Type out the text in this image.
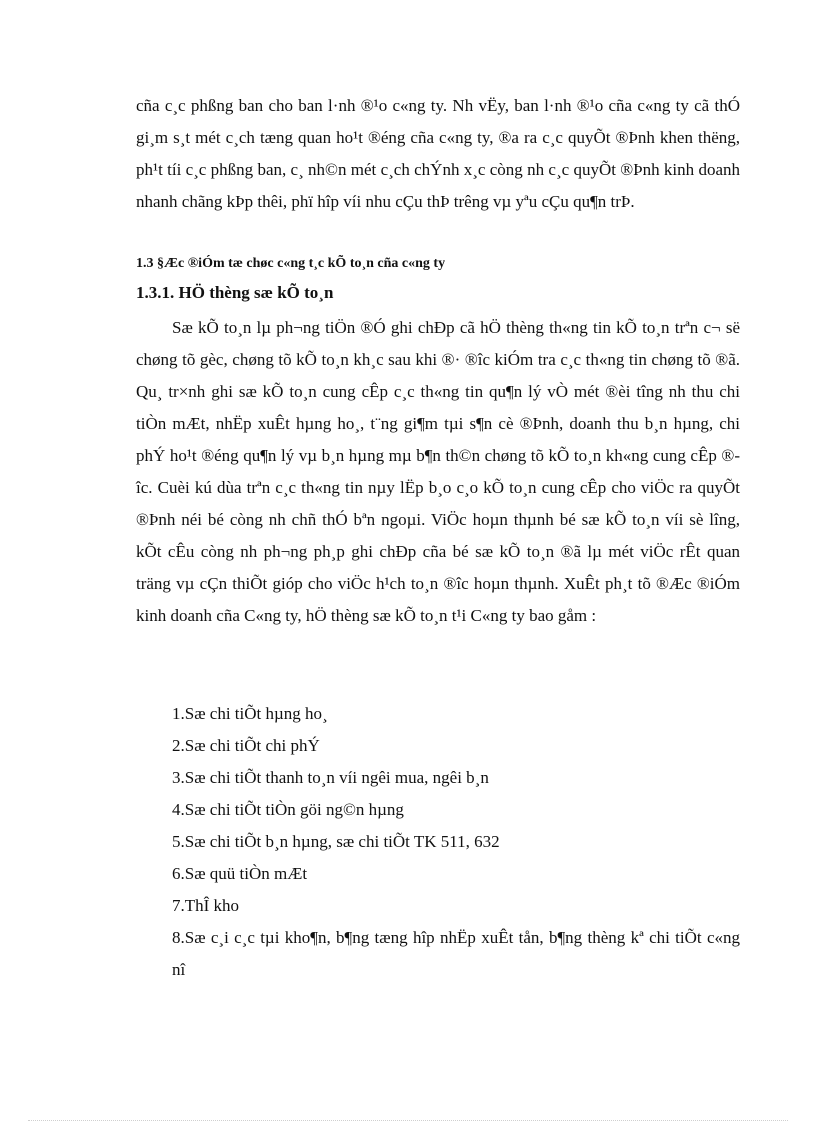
cña c¸c phßng ban cho ban l·nh ®¹o c«ng ty. Nh vËy, ban l·nh ®¹o cña c«ng ty cã thÓ gi¸m s¸t mét c¸ch tæng quan ho¹t ®éng cña c«ng ty, ®a ra c¸c quyÕt ®Þnh khen thëng, ph¹t tíi c¸c phßng ban, c¸ nh©n mét c¸ch chÝnh x¸c còng nh c¸c quyÕt ®Þnh kinh doanh nhanh chãng kÞp thêi, phï hîp víi nhu cÇu thÞ trêng vµ yªu cÇu qu¶n trÞ.

1.3 §Æc ®iÓm tæ chøc c«ng t¸c kÕ to¸n cña c«ng ty
1.3.1. HÖ thèng sæ kÕ to¸n

Sæ kÕ to¸n lµ ph¬ng tiÖn ®Ó ghi chÐp cã hÖ thèng th«ng tin kÕ to¸n trªn c¬ së chøng tõ gèc, chøng tõ kÕ to¸n kh¸c sau khi ®· ®îc kiÓm tra c¸c th«ng tin chøng tõ ®ã. Qu¸ tr×nh ghi sæ kÕ to¸n cung cÊp c¸c th«ng tin qu¶n lý vÒ mét ®èi tîng nh thu chi tiÒn mÆt, nhËp xuÊt hµng ho¸, t¨ng gi¶m tµi s¶n cè ®Þnh, doanh thu b¸n hµng, chi phÝ ho¹t ®éng qu¶n lý vµ b¸n hµng mµ b¶n th©n chøng tõ kÕ to¸n kh«ng cung cÊp ®îc. Cuèi kú dùa trªn c¸c th«ng tin nµy lËp b¸o c¸o kÕ to¸n cung cÊp cho viÖc ra quyÕt ®Þnh néi bé còng nh chñ thÓ bªn ngoµi. ViÖc hoµn thµnh bé sæ kÕ to¸n víi sè lîng, kÕt cÊu còng nh ph¬ng ph¸p ghi chÐp cña bé sæ kÕ to¸n ®ã lµ mét viÖc rÊt quan träng vµ cÇn thiÕt gióp cho viÖc h¹ch to¸n ®îc hoµn thµnh. XuÊt ph¸t tõ ®Æc ®iÓm kinh doanh cña C«ng ty, hÖ thèng sæ kÕ to¸n t¹i C«ng ty bao gåm :

1.Sæ chi tiÕt hµng ho¸
2.Sæ chi tiÕt chi phÝ
3.Sæ chi tiÕt thanh to¸n víi ngêi mua, ngêi b¸n
4.Sæ chi tiÕt tiÒn göi ng©n hµng
5.Sæ chi tiÕt b¸n hµng, sæ chi tiÕt TK 511, 632
6.Sæ quü tiÒn mÆt
7.ThÎ kho
8.Sæ c¸i c¸c tµi kho¶n, b¶ng tæng hîp nhËp xuÊt tån, b¶ng thèng kª chi tiÕt c«ng nî
